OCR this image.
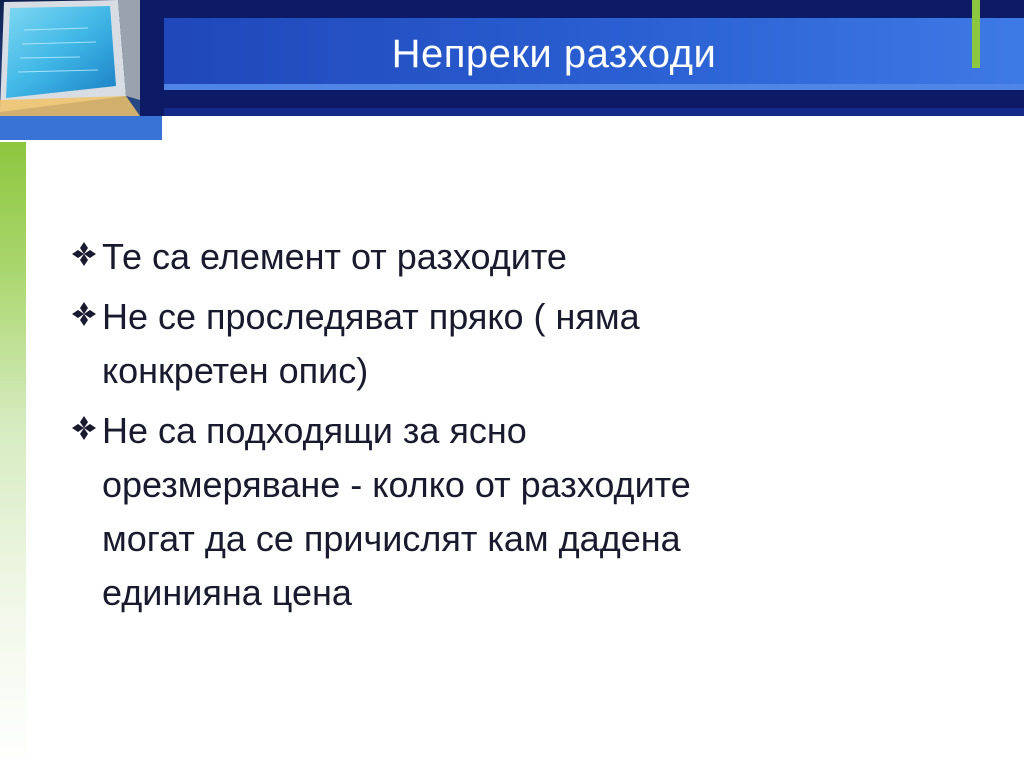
Непреки разходи
Те са елемент от разходите
Не се проследяват пряко ( няма
конкретен опис)
Не са подходящи за ясно
орезмеряване - колко от разходите
могат да се причислят кам дадена
единияна цена
